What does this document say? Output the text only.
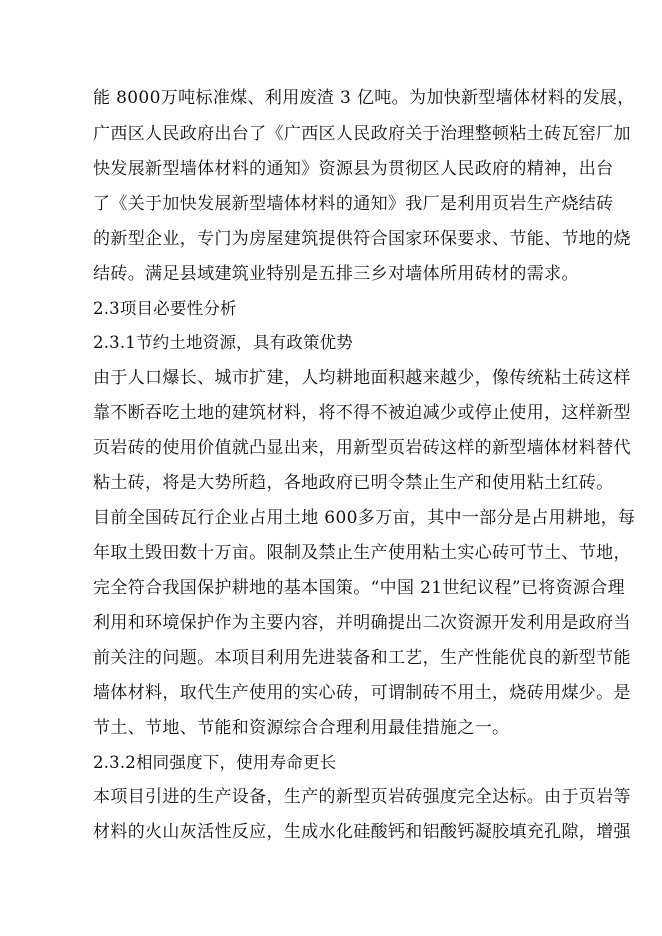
能 8000万吨标准煤、利用废渣 3 亿吨。为加快新型墙体材料的发展，
广西区人民政府出台了《广西区人民政府关于治理整顿粘土砖瓦窑厂加
快发展新型墙体材料的通知》资源县为贯彻区人民政府的精神，出台
了《关于加快发展新型墙体材料的通知》我厂是利用页岩生产烧结砖
的新型企业，专门为房屋建筑提供符合国家环保要求、节能、节地的烧
结砖。满足县域建筑业特别是五排三乡对墙体所用砖材的需求。
2.3项目必要性分析
2.3.1节约土地资源，具有政策优势
由于人口爆长、城市扩建，人均耕地面积越来越少，像传统粘土砖这样
靠不断吞吃土地的建筑材料，将不得不被迫减少或停止使用，这样新型
页岩砖的使用价值就凸显出来，用新型页岩砖这样的新型墙体材料替代
粘土砖，将是大势所趋，各地政府已明令禁止生产和使用粘土红砖。
目前全国砖瓦行企业占用土地 600多万亩，其中一部分是占用耕地，每
年取土毁田数十万亩。限制及禁止生产使用粘土实心砖可节土、节地，
完全符合我国保护耕地的基本国策。“中国 21世纪议程”已将资源合理
利用和环境保护作为主要内容，并明确提出二次资源开发利用是政府当
前关注的问题。本项目利用先进装备和工艺，生产性能优良的新型节能
墙体材料，取代生产使用的实心砖，可谓制砖不用土，烧砖用煤少。是
节土、节地、节能和资源综合合理利用最佳措施之一。
2.3.2相同强度下，使用寿命更长
本项目引进的生产设备，生产的新型页岩砖强度完全达标。由于页岩等
材料的火山灰活性反应，生成水化硅酸钙和铝酸钙凝胶填充孔隙，增强
